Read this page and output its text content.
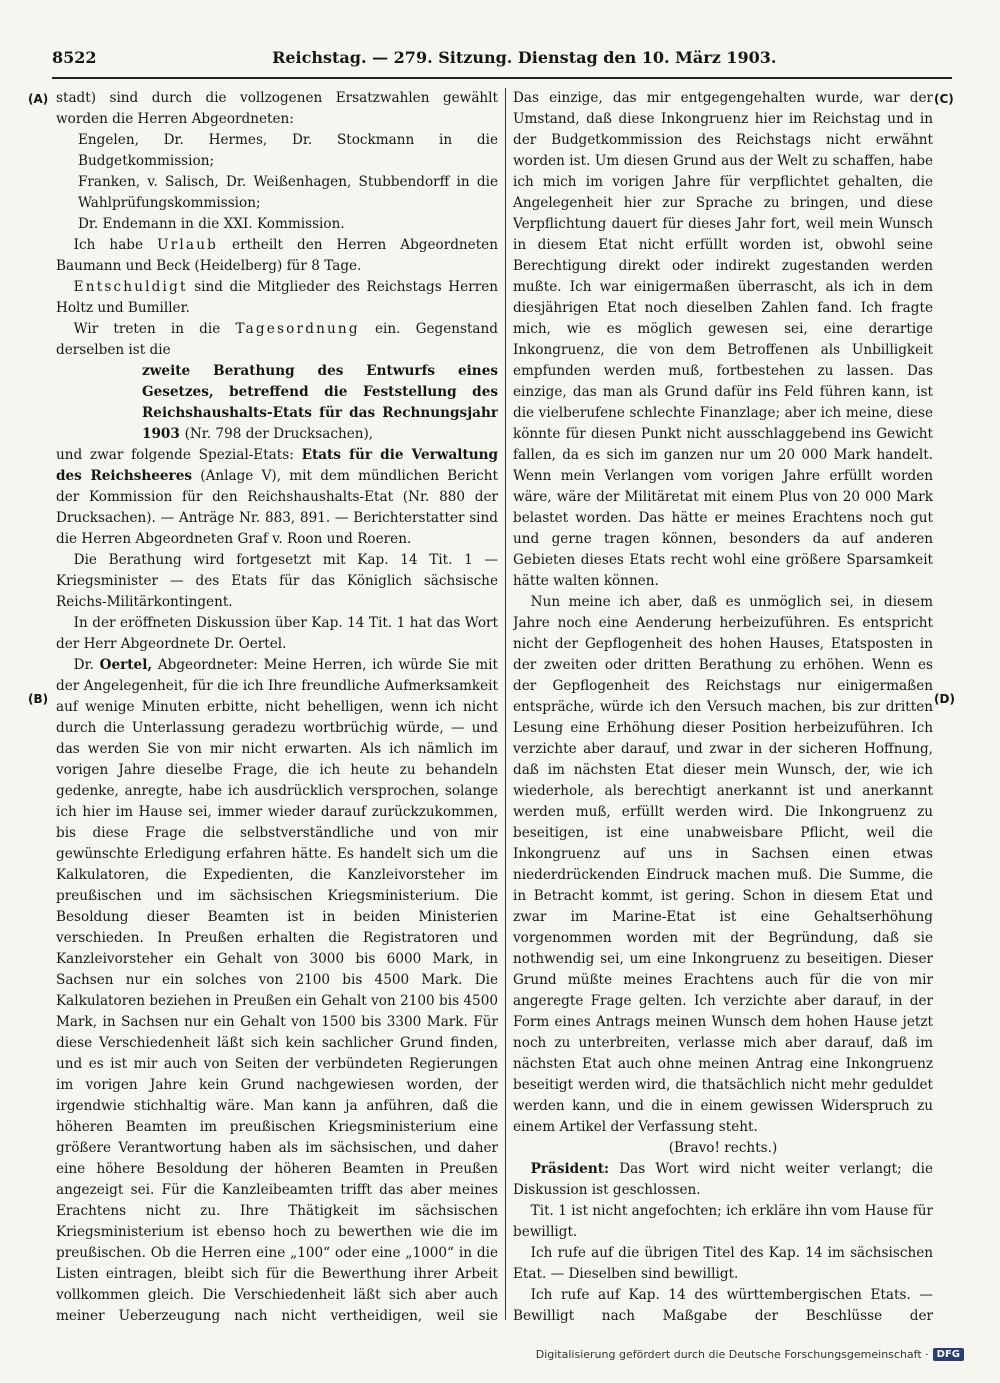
8522	Reichstag. — 279. Sitzung. Dienstag den 10. März 1903.
(A)
(B)
(C)
(D)

stadt) sind durch die vollzogenen Ersatzwahlen gewählt worden die Herren Abgeordneten:

Engelen, Dr. Hermes, Dr. Stockmann in die Budgetkommission;

Franken, v. Salisch, Dr. Weißenhagen, Stubbendorff in die Wahlprüfungskommission;

Dr. Endemann in die XXI. Kommission.

Ich habe Urlaub ertheilt den Herren Abgeordneten Baumann und Beck (Heidelberg) für 8 Tage.

Entschuldigt sind die Mitglieder des Reichstags Herren Holtz und Bumiller.

Wir treten in die Tagesordnung ein. Gegenstand derselben ist die

zweite Berathung des Entwurfs eines Gesetzes, betreffend die Feststellung des Reichshaushalts-Etats für das Rechnungsjahr 1903 (Nr. 798 der Drucksachen),

und zwar folgende Spezial-Etats: Etats für die Verwaltung des Reichsheeres (Anlage V), mit dem mündlichen Bericht der Kommission für den Reichshaushalts-Etat (Nr. 880 der Drucksachen). — Anträge Nr. 883, 891. — Berichterstatter sind die Herren Abgeordneten Graf v. Roon und Roeren.

Die Berathung wird fortgesetzt mit Kap. 14 Tit. 1 — Kriegsminister — des Etats für das Königlich sächsische Reichs-Militärkontingent.

In der eröffneten Diskussion über Kap. 14 Tit. 1 hat das Wort der Herr Abgeordnete Dr. Oertel.

Dr. Oertel, Abgeordneter: Meine Herren, ich würde Sie mit der Angelegenheit, für die ich Ihre freundliche Aufmerksamkeit auf wenige Minuten erbitte, nicht behelligen, wenn ich nicht durch die Unterlassung geradezu wortbrüchig würde, — und das werden Sie von mir nicht erwarten. Als ich nämlich im vorigen Jahre dieselbe Frage, die ich heute zu behandeln gedenke, anregte, habe ich ausdrücklich versprochen, solange ich hier im Hause sei, immer wieder darauf zurückzukommen, bis diese Frage die selbstverständliche und von mir gewünschte Erledigung erfahren hätte. Es handelt sich um die Kalkulatoren, die Expedienten, die Kanzleivorsteher im preußischen und im sächsischen Kriegsministerium. Die Besoldung dieser Beamten ist in beiden Ministerien verschieden. In Preußen erhalten die Registratoren und Kanzleivorsteher ein Gehalt von 3000 bis 6000 Mark, in Sachsen nur ein solches von 2100 bis 4500 Mark. Die Kalkulatoren beziehen in Preußen ein Gehalt von 2100 bis 4500 Mark, in Sachsen nur ein Gehalt von 1500 bis 3300 Mark. Für diese Verschiedenheit läßt sich kein sachlicher Grund finden, und es ist mir auch von Seiten der verbündeten Regierungen im vorigen Jahre kein Grund nachgewiesen worden, der irgendwie stichhaltig wäre. Man kann ja anführen, daß die höheren Beamten im preußischen Kriegsministerium eine größere Verantwortung haben als im sächsischen, und daher eine höhere Besoldung der höheren Beamten in Preußen angezeigt sei. Für die Kanzleibeamten trifft das aber meines Erachtens nicht zu. Ihre Thätigkeit im sächsischen Kriegsministerium ist ebenso hoch zu bewerthen wie die im preußischen. Ob die Herren eine „100“ oder eine „1000“ in die Listen eintragen, bleibt sich für die Bewerthung ihrer Arbeit vollkommen gleich. Die Verschiedenheit läßt sich aber auch meiner Ueberzeugung nach nicht vertheidigen, weil sie

Das einzige, das mir entgegengehalten wurde, war der Umstand, daß diese Inkongruenz hier im Reichstag und in der Budgetkommission des Reichstags nicht erwähnt worden ist. Um diesen Grund aus der Welt zu schaffen, habe ich mich im vorigen Jahre für verpflichtet gehalten, die Angelegenheit hier zur Sprache zu bringen, und diese Verpflichtung dauert für dieses Jahr fort, weil mein Wunsch in diesem Etat nicht erfüllt worden ist, obwohl seine Berechtigung direkt oder indirekt zugestanden werden mußte. Ich war einigermaßen überrascht, als ich in dem diesjährigen Etat noch dieselben Zahlen fand. Ich fragte mich, wie es möglich gewesen sei, eine derartige Inkongruenz, die von dem Betroffenen als Unbilligkeit empfunden werden muß, fortbestehen zu lassen. Das einzige, das man als Grund dafür ins Feld führen kann, ist die vielberufene schlechte Finanzlage; aber ich meine, diese könnte für diesen Punkt nicht ausschlaggebend ins Gewicht fallen, da es sich im ganzen nur um 20 000 Mark handelt. Wenn mein Verlangen vom vorigen Jahre erfüllt worden wäre, wäre der Militäretat mit einem Plus von 20 000 Mark belastet worden. Das hätte er meines Erachtens noch gut und gerne tragen können, besonders da auf anderen Gebieten dieses Etats recht wohl eine größere Sparsamkeit hätte walten können.

Nun meine ich aber, daß es unmöglich sei, in diesem Jahre noch eine Aenderung herbeizuführen. Es entspricht nicht der Gepflogenheit des hohen Hauses, Etatsposten in der zweiten oder dritten Berathung zu erhöhen. Wenn es der Gepflogenheit des Reichstags nur einigermaßen entspräche, würde ich den Versuch machen, bis zur dritten Lesung eine Erhöhung dieser Position herbeizuführen. Ich verzichte aber darauf, und zwar in der sicheren Hoffnung, daß im nächsten Etat dieser mein Wunsch, der, wie ich wiederhole, als berechtigt anerkannt ist und anerkannt werden muß, erfüllt werden wird. Die Inkongruenz zu beseitigen, ist eine unabweisbare Pflicht, weil die Inkongruenz auf uns in Sachsen einen etwas niederdrückenden Eindruck machen muß. Die Summe, die in Betracht kommt, ist gering. Schon in diesem Etat und zwar im Marine-Etat ist eine Gehaltserhöhung vorgenommen worden mit der Begründung, daß sie nothwendig sei, um eine Inkongruenz zu beseitigen. Dieser Grund müßte meines Erachtens auch für die von mir angeregte Frage gelten. Ich verzichte aber darauf, in der Form eines Antrags meinen Wunsch dem hohen Hause jetzt noch zu unterbreiten, verlasse mich aber darauf, daß im nächsten Etat auch ohne meinen Antrag eine Inkongruenz beseitigt werden wird, die thatsächlich nicht mehr geduldet werden kann, und die in einem gewissen Widerspruch zu einem Artikel der Verfassung steht.

(Bravo! rechts.)

Präsident: Das Wort wird nicht weiter verlangt; die Diskussion ist geschlossen.

Tit. 1 ist nicht angefochten; ich erkläre ihn vom Hause für bewilligt.

Ich rufe auf die übrigen Titel des Kap. 14 im sächsischen Etat. — Dieselben sind bewilligt.

Ich rufe auf Kap. 14 des württembergischen Etats. — Bewilligt nach Maßgabe der Beschlüsse der

Digitalisierung gefördert durch die Deutsche Forschungsgemeinschaft · DFG
